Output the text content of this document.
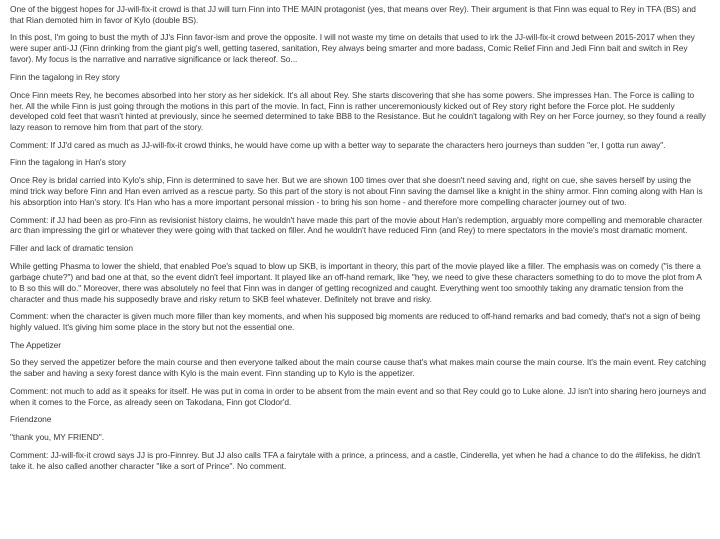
One of the biggest hopes for JJ-will-fix-it crowd is that JJ will turn Finn into THE MAIN protagonist (yes, that means over Rey). Their argument is that Finn was equal to Rey in TFA (BS) and that Rian demoted him in favor of Kylo (double BS).

In this post, I'm going to bust the myth of JJ's Finn favor-ism and prove the opposite. I will not waste my time on details that used to irk the JJ-will-fix-it crowd between 2015-2017 when they were super anti-JJ (Finn drinking from the giant pig's well, getting tasered, sanitation, Rey always being smarter and more badass, Comic Relief Finn and Jedi Finn bait and switch in Rey favor). My focus is the narrative and narrative significance or lack thereof. So...

Finn the tagalong in Rey story

Once Finn meets Rey, he becomes absorbed into her story as her sidekick. It's all about Rey. She starts discovering that she has some powers. She impresses Han. The Force is calling to her. All the while Finn is just going through the motions in this part of the movie. In fact, Finn is rather unceremoniously kicked out of Rey story right before the Force plot. He suddenly developed cold feet that wasn't hinted at previously, since he seemed determined to take BB8 to the Resistance. But he couldn't tagalong with Rey on her Force journey, so they found a really lazy reason to remove him from that part of the story.

Comment: If JJ'd cared as much as JJ-will-fix-it crowd thinks, he would have come up with a better way to separate the characters hero journeys than sudden "er, I gotta run away".

Finn the tagalong in Han's story

Once Rey is bridal carried into Kylo's ship, Finn is determined to save her. But we are shown 100 times over that she doesn't need saving and, right on cue, she saves herself by using the mind trick way before Finn and Han even arrived as a rescue party. So this part of the story is not about Finn saving the damsel like a knight in the shiny armor. Finn coming along with Han is his absorption into Han's story. It's Han who has a more important personal mission - to bring his son home - and therefore more compelling character journey out of two.

Comment: if JJ had been as pro-Finn as revisionist history claims, he wouldn't have made this part of the movie about Han's redemption, arguably more compelling and memorable character arc than impressing the girl or whatever they were going with that tacked on filler. And he wouldn't have reduced Finn (and Rey) to mere spectators in the movie's most dramatic moment.

Filler and lack of dramatic tension

While getting Phasma to lower the shield, that enabled Poe's squad to blow up SKB, is important in theory, this part of the movie played like a filler. The emphasis was on comedy ("is there a garbage chute?") and bad one at that, so the event didn't feel important. It played like an off-hand remark, like "hey, we need to give these characters something to do to move the plot from A to B so this will do." Moreover, there was absolutely no feel that Finn was in danger of getting recognized and caught. Everything went too smoothly taking any dramatic tension from the character and thus made his supposedly brave and risky return to SKB feel whatever. Definitely not brave and risky.

Comment: when the character is given much more filler than key moments, and when his supposed big moments are reduced to off-hand remarks and bad comedy, that's not a sign of being highly valued. It's giving him some place in the story but not the essential one.

The Appetizer

So they served the appetizer before the main course and then everyone talked about the main course cause that's what makes main course the main course. It's the main event. Rey catching the saber and having a sexy forest dance with Kylo is the main event. Finn standing up to Kylo is the appetizer.

Comment: not much to add as it speaks for itself. He was put in coma in order to be absent from the main event and so that Rey could go to Luke alone. JJ isn't into sharing hero journeys and when it comes to the Force, as already seen on Takodana, Finn got Clodor'd.

Friendzone

"thank you, MY FRIEND".

Comment: JJ-will-fix-it crowd says JJ is pro-Finnrey. But JJ also calls TFA a fairytale with a prince, a princess, and a castle, Cinderella, yet when he had a chance to do the #lifekiss, he didn't take it. he also called another character "like a sort of Prince". No comment.
